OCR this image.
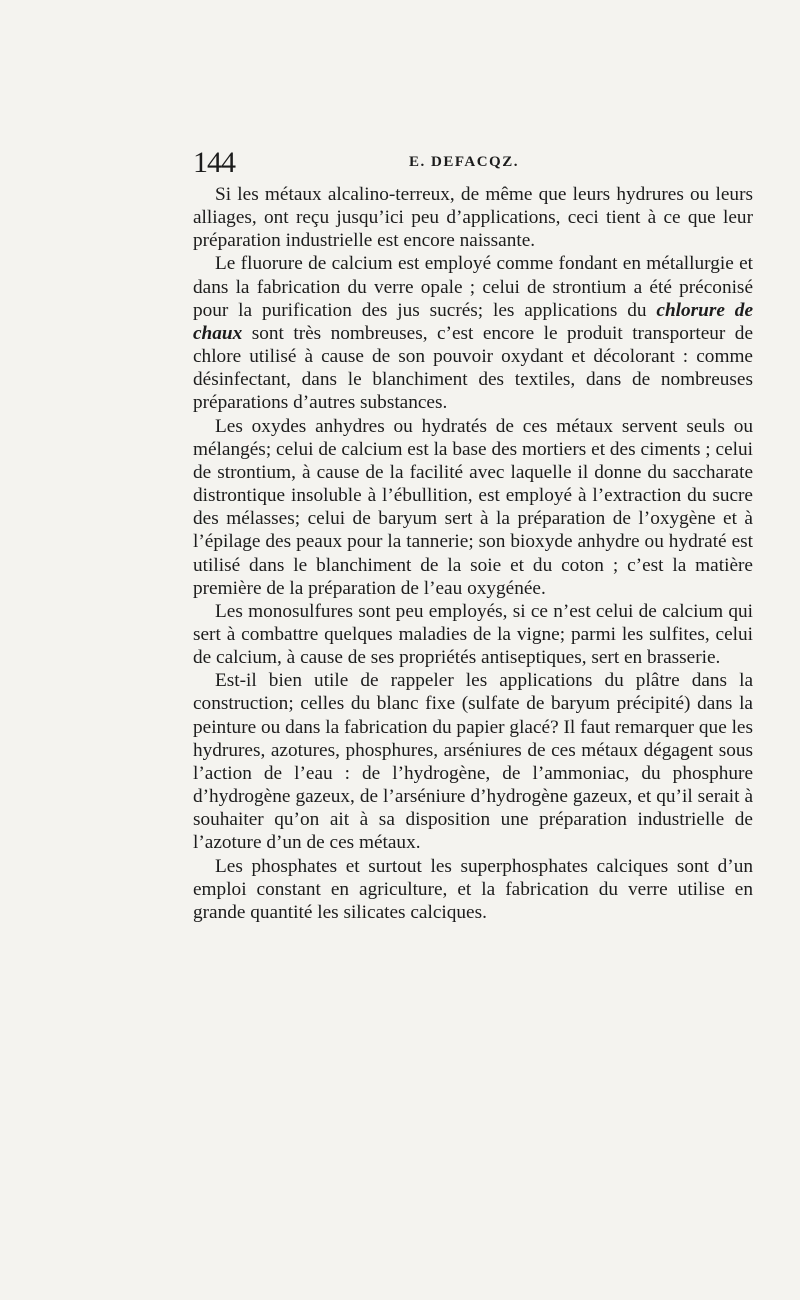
144	E. DEFACQZ.

Si les métaux alcalino-terreux, de même que leurs hydrures ou leurs alliages, ont reçu jusqu’ici peu d’applications, ceci tient à ce que leur préparation industrielle est encore naissante.

Le fluorure de calcium est employé comme fondant en métallurgie et dans la fabrication du verre opale ; celui de strontium a été préconisé pour la purification des jus sucrés; les applications du chlorure de chaux sont très nombreuses, c’est encore le produit transporteur de chlore utilisé à cause de son pouvoir oxydant et décolorant : comme désinfectant, dans le blanchiment des textiles, dans de nombreuses préparations d’autres substances.

Les oxydes anhydres ou hydratés de ces métaux servent seuls ou mélangés; celui de calcium est la base des mortiers et des ciments ; celui de strontium, à cause de la facilité avec laquelle il donne du saccharate distrontique insoluble à l’ébullition, est employé à l’extraction du sucre des mélasses; celui de baryum sert à la préparation de l’oxygène et à l’épilage des peaux pour la tannerie; son bioxyde anhydre ou hydraté est utilisé dans le blanchiment de la soie et du coton ; c’est la matière première de la préparation de l’eau oxygénée.

Les monosulfures sont peu employés, si ce n’est celui de calcium qui sert à combattre quelques maladies de la vigne; parmi les sulfites, celui de calcium, à cause de ses propriétés antiseptiques, sert en brasserie.

Est-il bien utile de rappeler les applications du plâtre dans la construction; celles du blanc fixe (sulfate de baryum précipité) dans la peinture ou dans la fabrication du papier glacé? Il faut remarquer que les hydrures, azotures, phosphures, arséniures de ces métaux dégagent sous l’action de l’eau : de l’hydrogène, de l’ammoniac, du phosphure d’hydrogène gazeux, de l’arséniure d’hydrogène gazeux, et qu’il serait à souhaiter qu’on ait à sa disposition une préparation industrielle de l’azoture d’un de ces métaux.

Les phosphates et surtout les superphosphates calciques sont d’un emploi constant en agriculture, et la fabrication du verre utilise en grande quantité les silicates calciques.
